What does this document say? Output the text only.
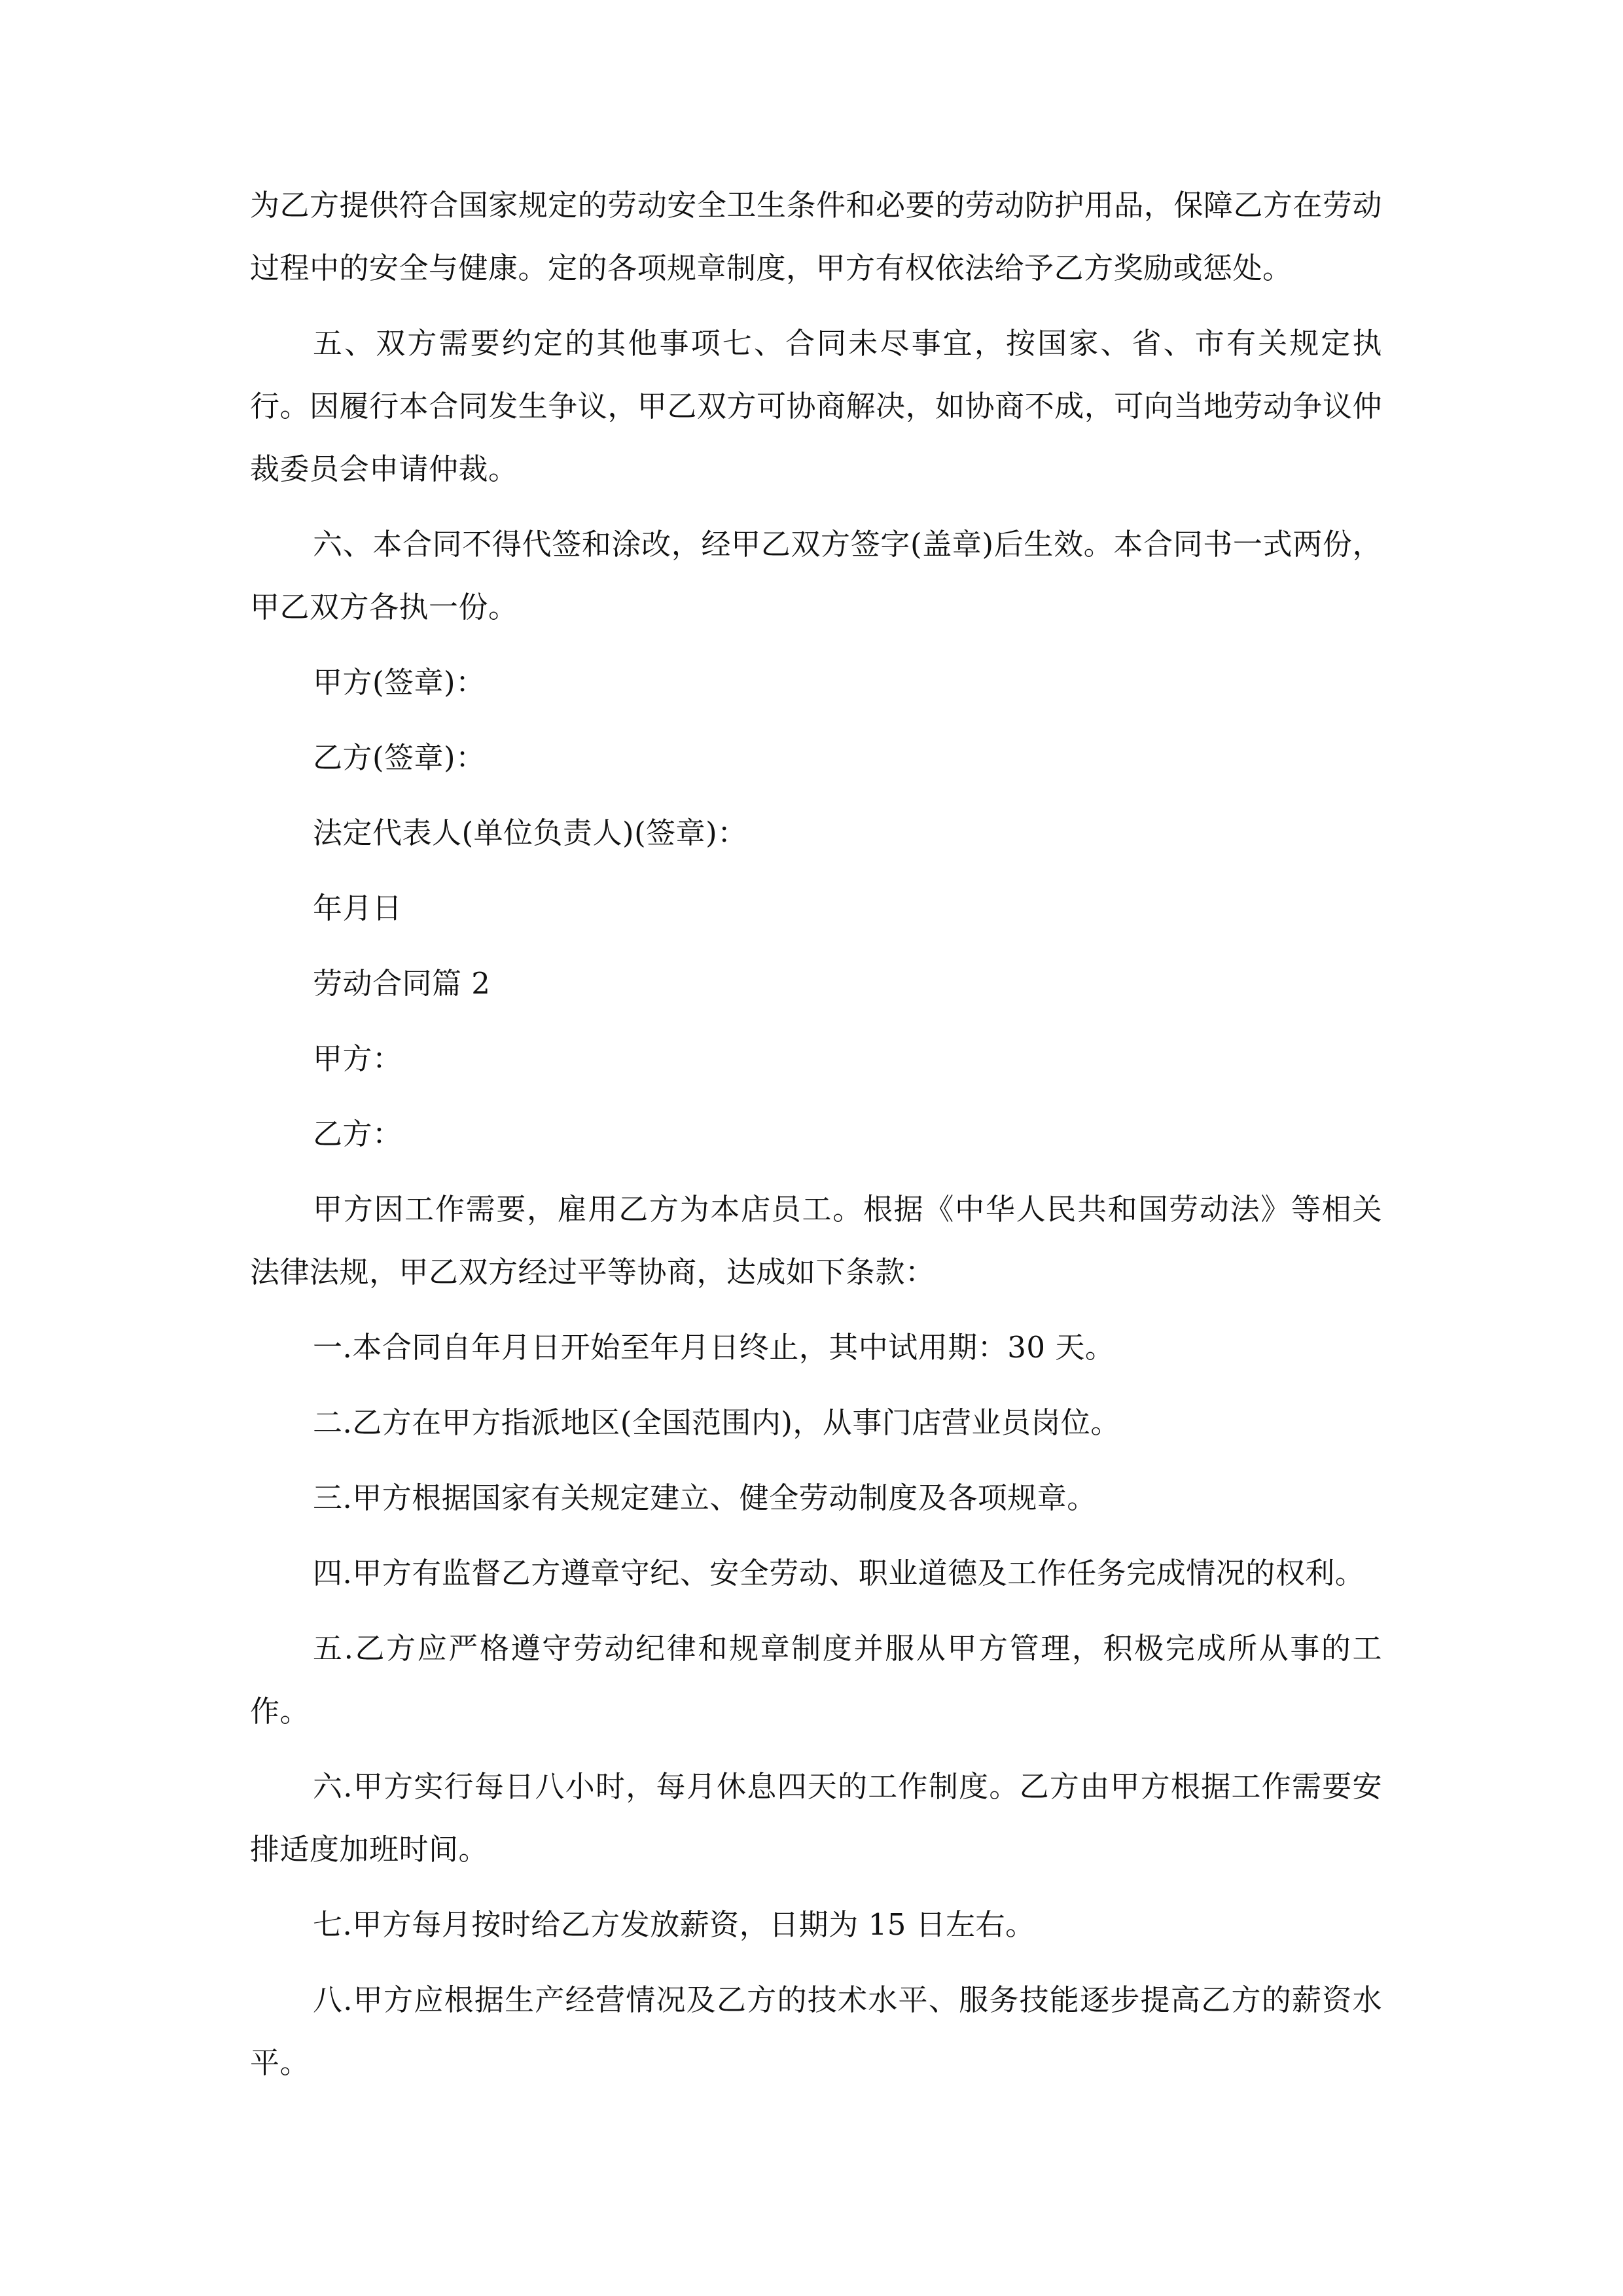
为乙方提供符合国家规定的劳动安全卫生条件和必要的劳动防护用品，保障乙方在劳动过程中的安全与健康。定的各项规章制度，甲方有权依法给予乙方奖励或惩处。

五、双方需要约定的其他事项七、合同未尽事宜，按国家、省、市有关规定执行。因履行本合同发生争议，甲乙双方可协商解决，如协商不成，可向当地劳动争议仲裁委员会申请仲裁。

六、本合同不得代签和涂改，经甲乙双方签字(盖章)后生效。本合同书一式两份，甲乙双方各执一份。

甲方(签章)：

乙方(签章)：

法定代表人(单位负责人)(签章)：

年月日

劳动合同篇 2

甲方：

乙方：

甲方因工作需要，雇用乙方为本店员工。根据《中华人民共和国劳动法》等相关法律法规，甲乙双方经过平等协商，达成如下条款：

一.本合同自年月日开始至年月日终止，其中试用期：30 天。

二.乙方在甲方指派地区(全国范围内)，从事门店营业员岗位。

三.甲方根据国家有关规定建立、健全劳动制度及各项规章。

四.甲方有监督乙方遵章守纪、安全劳动、职业道德及工作任务完成情况的权利。

五.乙方应严格遵守劳动纪律和规章制度并服从甲方管理，积极完成所从事的工作。

六.甲方实行每日八小时，每月休息四天的工作制度。乙方由甲方根据工作需要安排适度加班时间。

七.甲方每月按时给乙方发放薪资，日期为 15 日左右。

八.甲方应根据生产经营情况及乙方的技术水平、服务技能逐步提高乙方的薪资水平。
